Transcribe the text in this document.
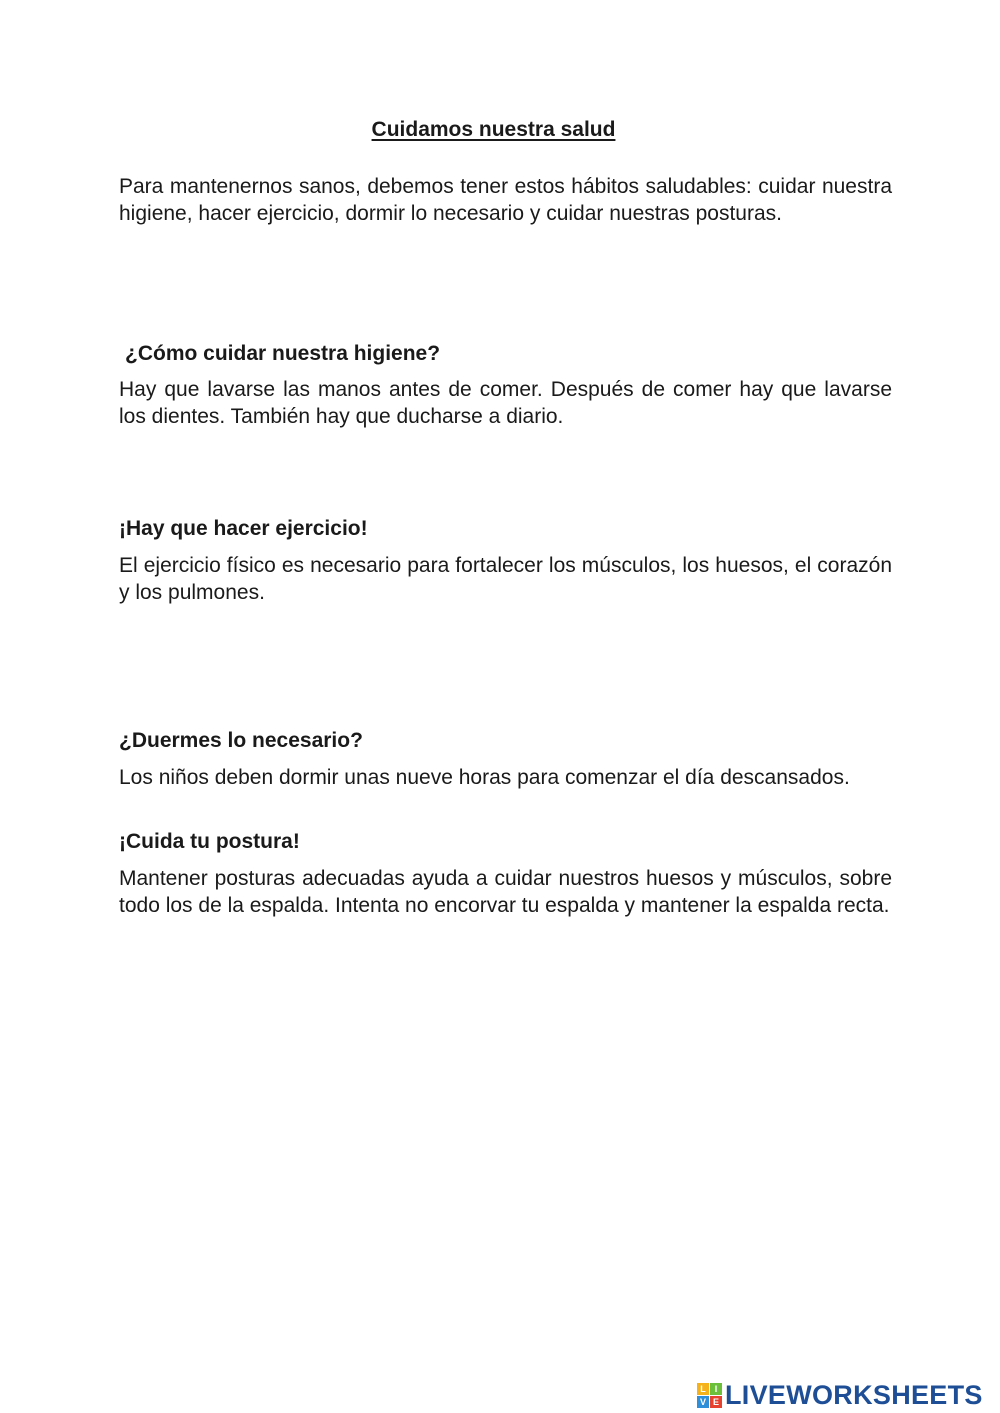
Cuidamos nuestra salud
Para mantenernos sanos, debemos tener estos hábitos saludables: cuidar nuestra higiene, hacer ejercicio, dormir lo necesario y cuidar nuestras posturas.
¿Cómo cuidar nuestra higiene?
Hay que lavarse las manos antes de comer. Después de comer hay que lavarse los dientes. También hay que ducharse a diario.
¡Hay que hacer ejercicio!
El ejercicio físico es necesario para fortalecer los músculos, los huesos, el corazón y los pulmones.
¿Duermes lo necesario?
Los niños deben dormir unas nueve horas para comenzar el día descansados.
¡Cuida tu postura!
Mantener posturas adecuadas ayuda a cuidar nuestros huesos y músculos, sobre todo los de la espalda. Intenta no encorvar tu espalda y mantener la espalda recta.
L I
V E LIVEWORKSHEETS
